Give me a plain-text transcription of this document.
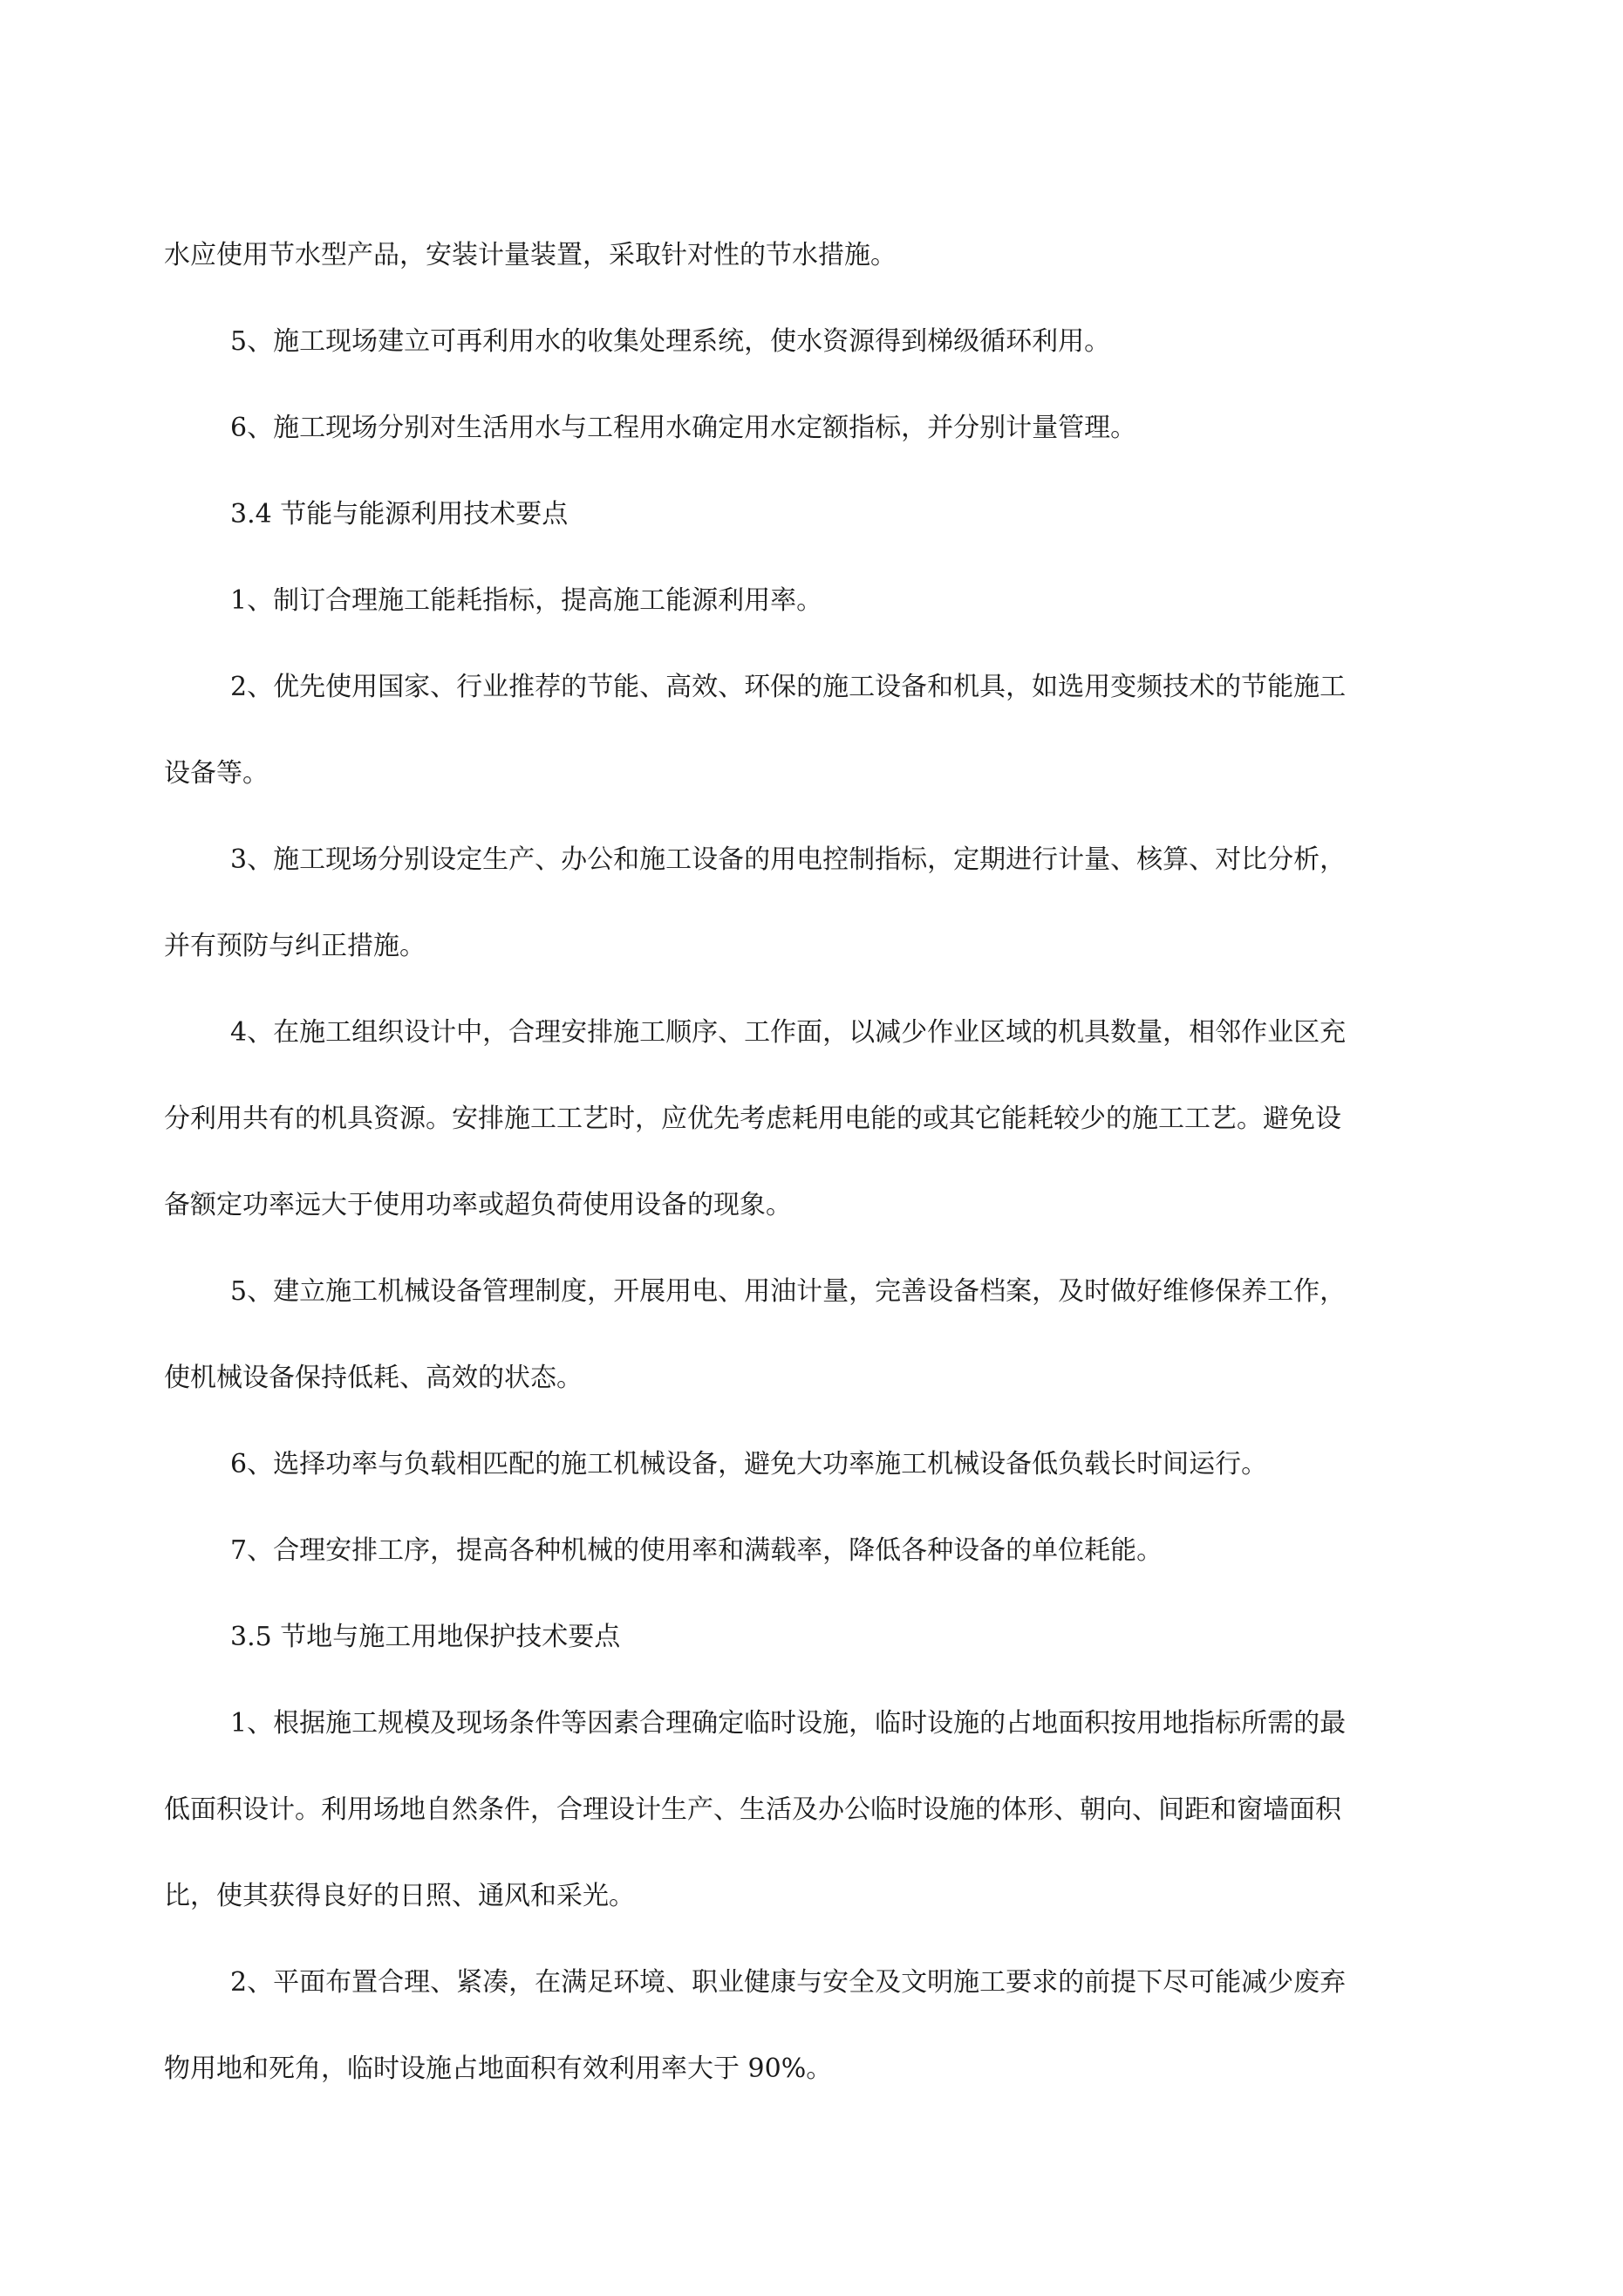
水应使用节水型产品，安装计量装置，采取针对性的节水措施。
5、施工现场建立可再利用水的收集处理系统，使水资源得到梯级循环利用。
6、施工现场分别对生活用水与工程用水确定用水定额指标，并分别计量管理。
3.4 节能与能源利用技术要点
1、制订合理施工能耗指标，提高施工能源利用率。
2、优先使用国家、行业推荐的节能、高效、环保的施工设备和机具，如选用变频技术的节能施工
设备等。
3、施工现场分别设定生产、办公和施工设备的用电控制指标，定期进行计量、核算、对比分析，
并有预防与纠正措施。
4、在施工组织设计中，合理安排施工顺序、工作面，以减少作业区域的机具数量，相邻作业区充
分利用共有的机具资源。安排施工工艺时，应优先考虑耗用电能的或其它能耗较少的施工工艺。避免设
备额定功率远大于使用功率或超负荷使用设备的现象。
5、建立施工机械设备管理制度，开展用电、用油计量，完善设备档案，及时做好维修保养工作，
使机械设备保持低耗、高效的状态。
6、选择功率与负载相匹配的施工机械设备，避免大功率施工机械设备低负载长时间运行。
7、合理安排工序，提高各种机械的使用率和满载率，降低各种设备的单位耗能。
3.5 节地与施工用地保护技术要点
1、根据施工规模及现场条件等因素合理确定临时设施，临时设施的占地面积按用地指标所需的最
低面积设计。利用场地自然条件，合理设计生产、生活及办公临时设施的体形、朝向、间距和窗墙面积
比，使其获得良好的日照、通风和采光。
2、平面布置合理、紧凑，在满足环境、职业健康与安全及文明施工要求的前提下尽可能减少废弃
物用地和死角，临时设施占地面积有效利用率大于 90%。
